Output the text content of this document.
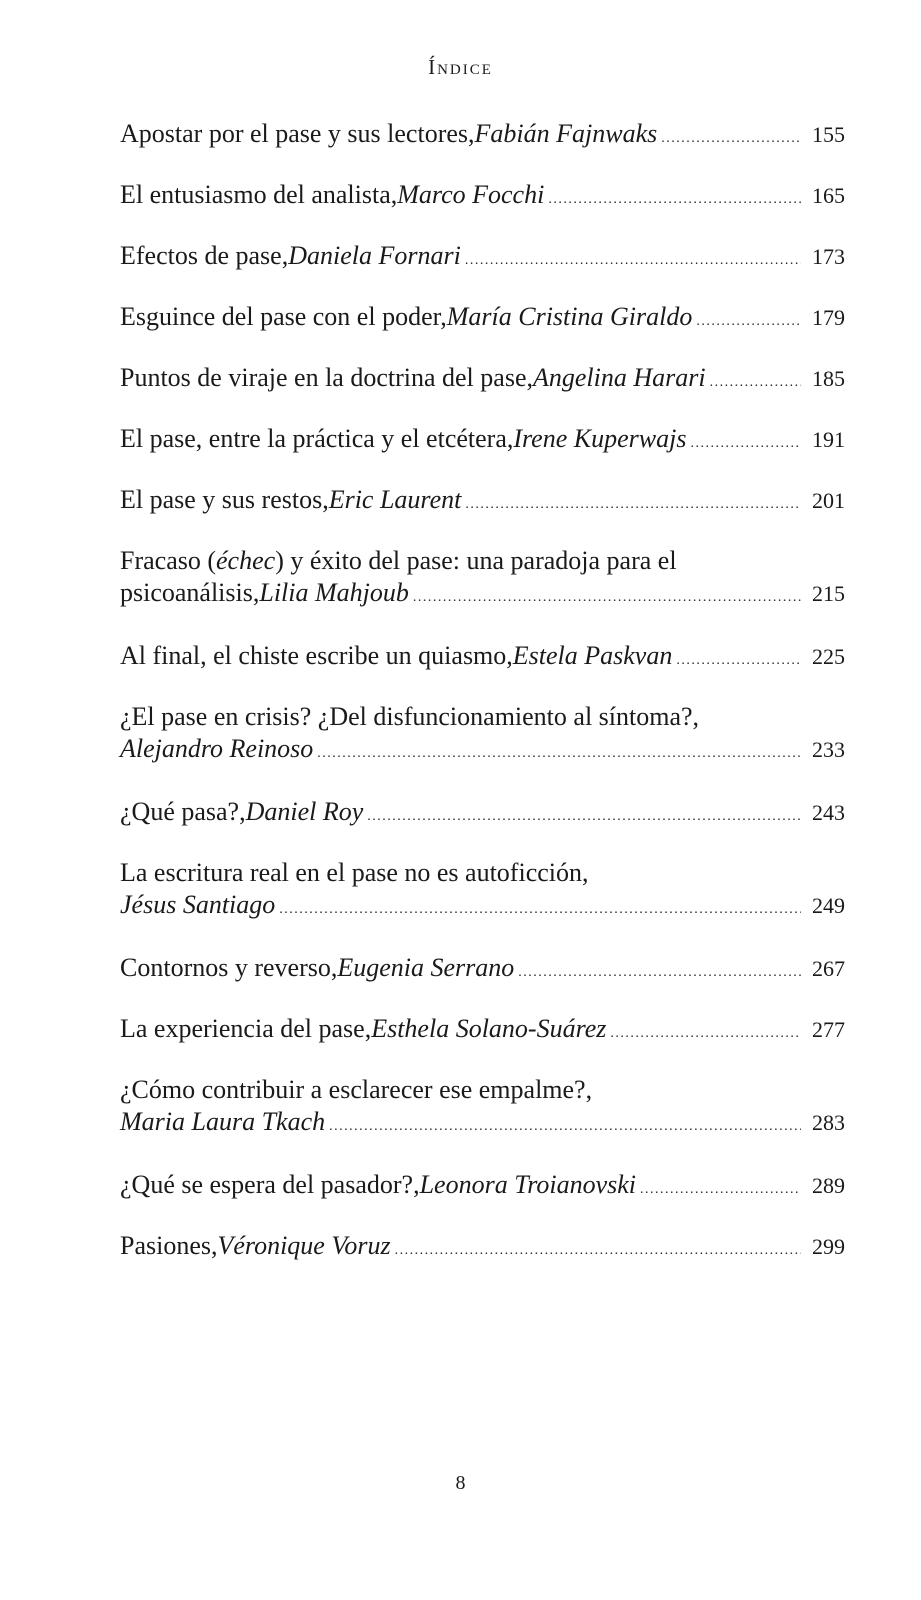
Índice
Apostar por el pase y sus lectores, Fabián Fajnwaks . . .	155
El entusiasmo del analista, Marco Focchi . . .	165
Efectos de pase, Daniela Fornari . . .	173
Esguince del pase con el poder, María Cristina Giraldo . . .	179
Puntos de viraje en la doctrina del pase, Angelina Harari . . .	185
El pase, entre la práctica y el etcétera, Irene Kuperwajs . . .	191
El pase y sus restos, Eric Laurent . . .	201
Fracaso (échec) y éxito del pase: una paradoja para el
psicoanálisis, Lilia Mahjoub . . .	215
Al final, el chiste escribe un quiasmo, Estela Paskvan . . .	225
¿El pase en crisis? ¿Del disfuncionamiento al síntoma?,
Alejandro Reinoso . . .	233
¿Qué pasa?, Daniel Roy . . .	243
La escritura real en el pase no es autoficción,
Jésus Santiago . . .	249
Contornos y reverso, Eugenia Serrano . . .	267
La experiencia del pase, Esthela Solano-Suárez . . .	277
¿Cómo contribuir a esclarecer ese empalme?,
Maria Laura Tkach . . .	283
¿Qué se espera del pasador?, Leonora Troianovski . . .	289
Pasiones, Véronique Voruz . . .	299
8
